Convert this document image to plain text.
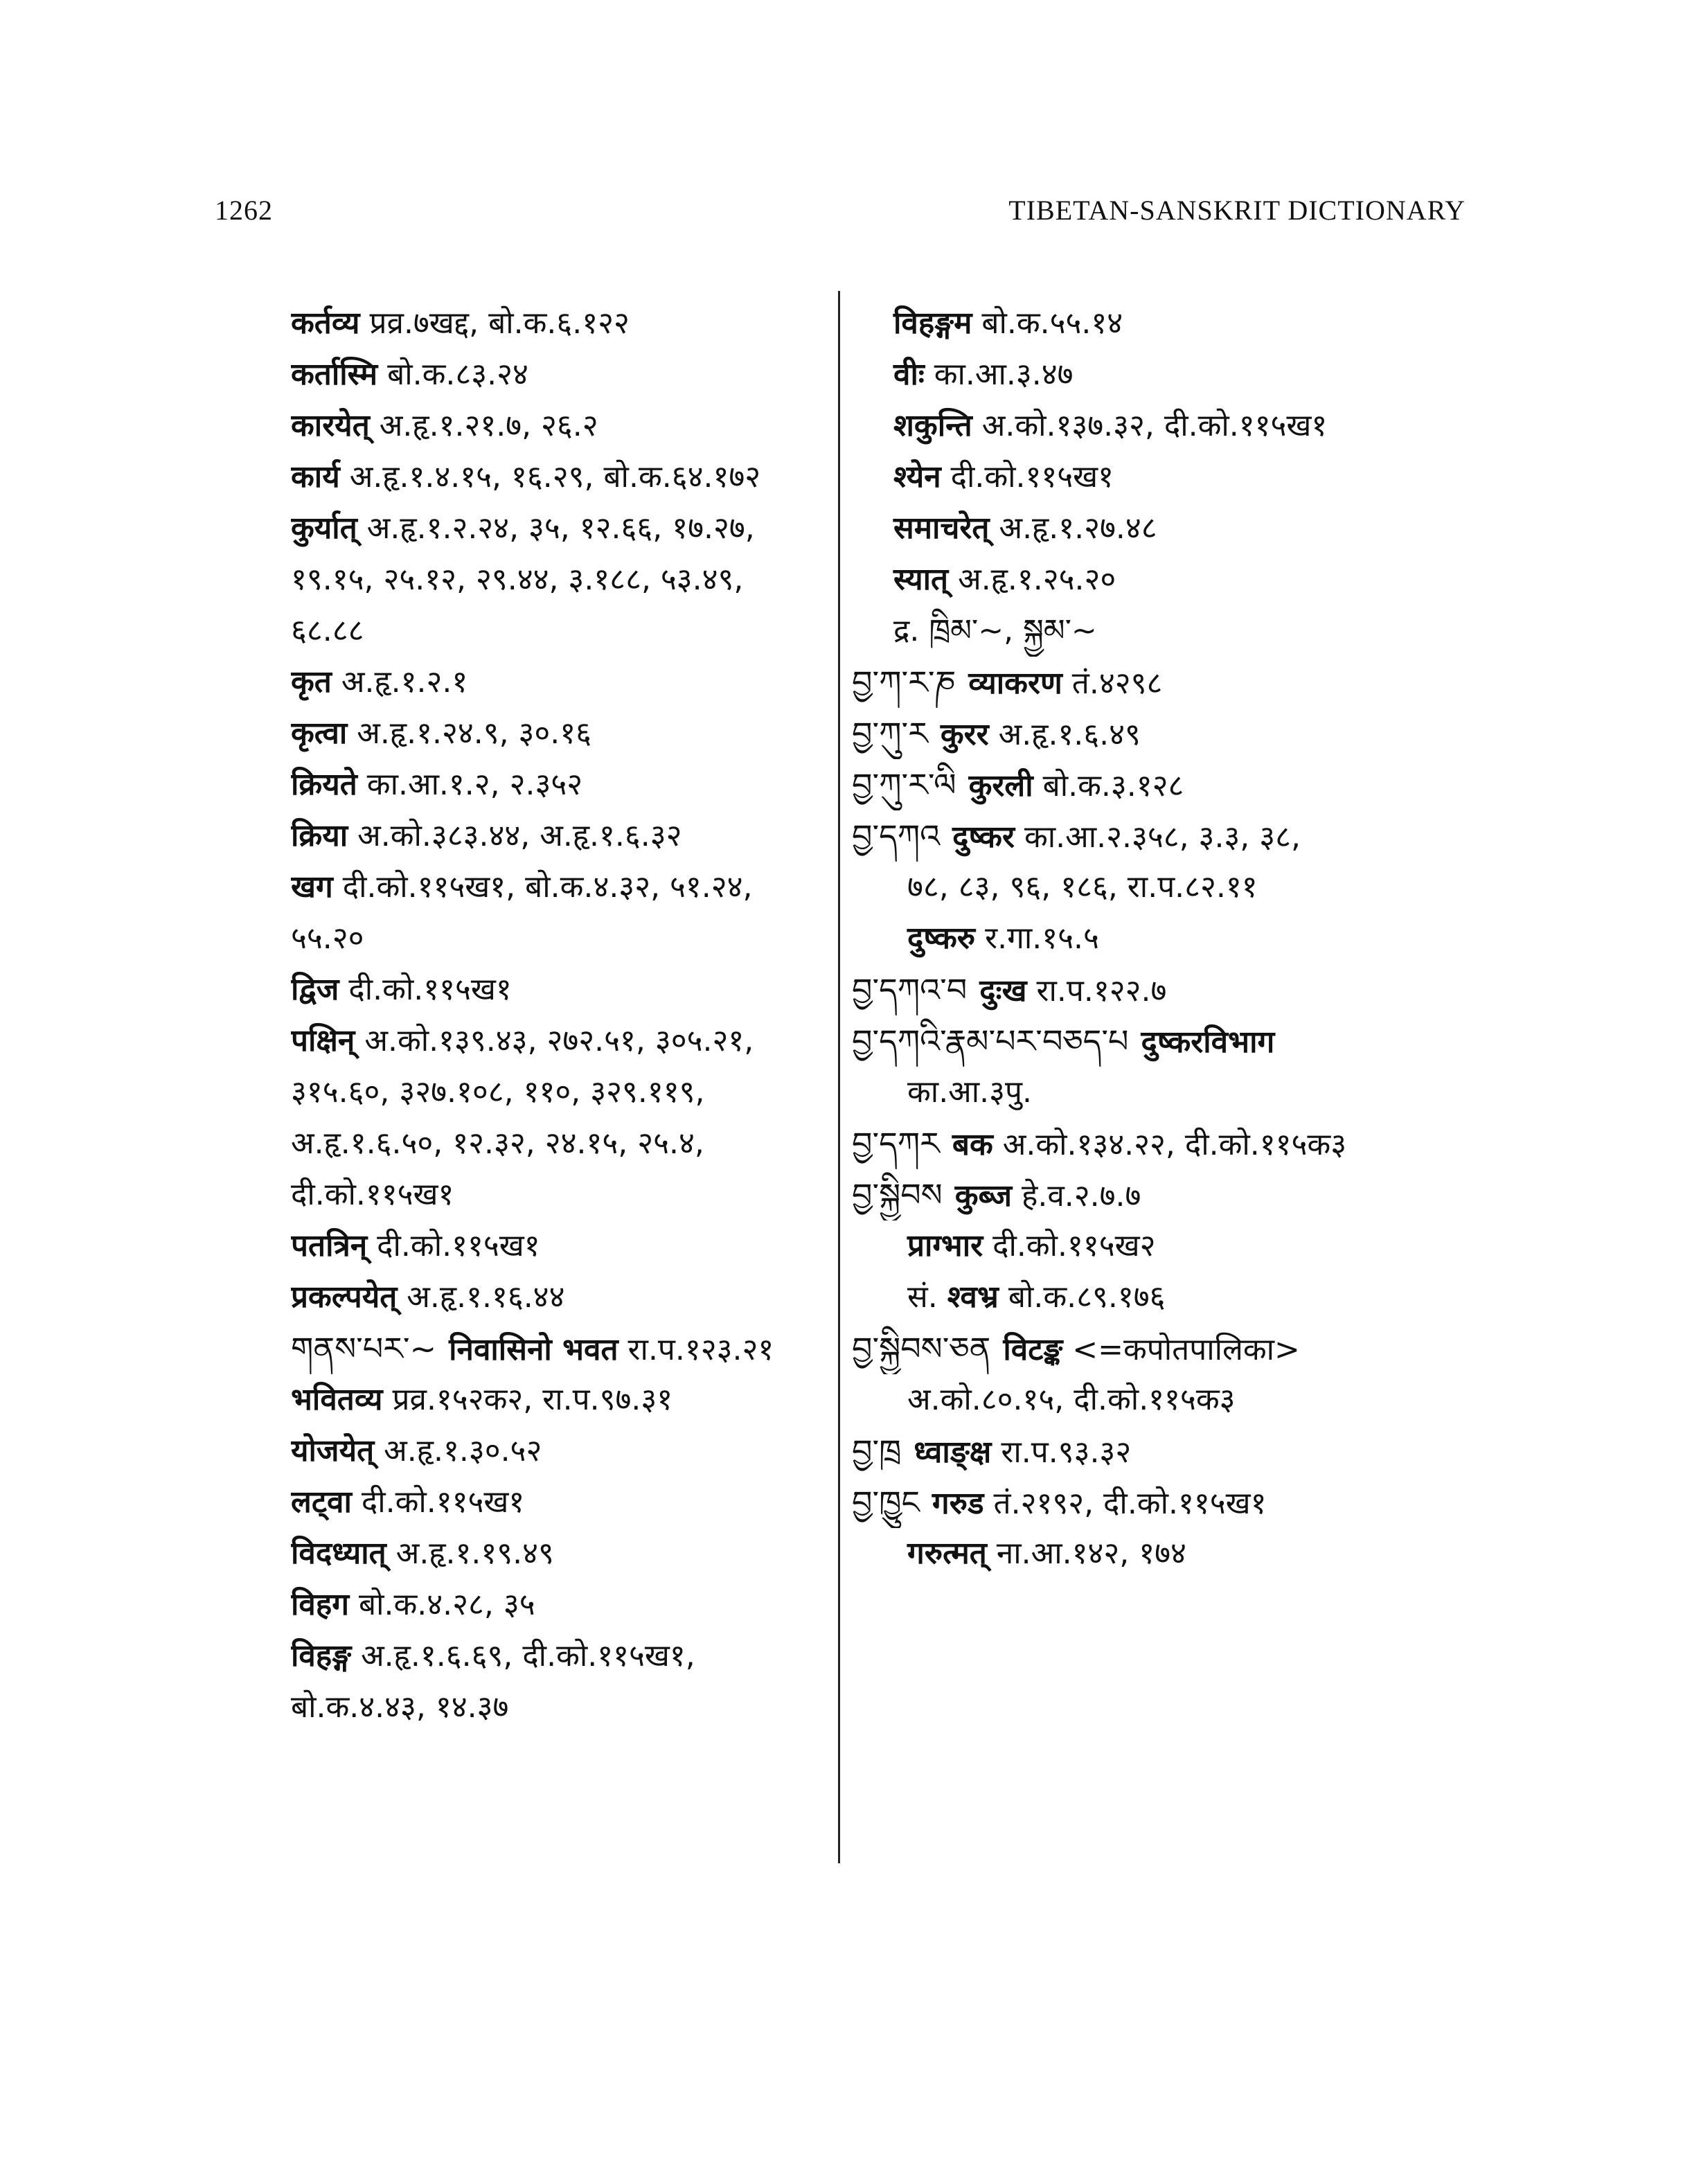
1262	TIBETAN-SANSKRIT DICTIONARY
कर्तव्य प्रव्र.७खद्द, बो.क.६.१२२
कर्तास्मि बो.क.८३.२४
कारयेत् अ.हृ.१.२१.७, २६.२
कार्य अ.हृ.१.४.१५, १६.२९, बो.क.६४.१७२
कुर्यात् अ.हृ.१.२.२४, ३५, १२.६६, १७.२७,
१९.१५, २५.१२, २९.४४, ३.१८८, ५३.४९,
६८.८८
कृत अ.हृ.१.२.१
कृत्वा अ.हृ.१.२४.९, ३०.१६
क्रियते का.आ.१.२, २.३५२
क्रिया अ.को.३८३.४४, अ.हृ.१.६.३२
खग दी.को.११५ख१, बो.क.४.३२, ५१.२४,
५५.२०
द्विज दी.को.११५ख१
पक्षिन् अ.को.१३९.४३, २७२.५१, ३०५.२१,
३१५.६०, ३२७.१०८, ११०, ३२९.११९,
अ.हृ.१.६.५०, १२.३२, २४.१५, २५.४,
दी.को.११५ख१
पतत्रिन् दी.को.११५ख१
प्रकल्पयेत् अ.हृ.१.१६.४४
གནས་པར་~ निवासिनो भवत रा.प.१२३.२१
भवितव्य प्रव्र.१५२क२, रा.प.९७.३१
योजयेत् अ.हृ.१.३०.५२
लट्वा दी.को.११५ख१
विदध्यात् अ.हृ.१.१९.४९
विहग बो.क.४.२८, ३५
विहङ्ग अ.हृ.१.६.६९, दी.को.११५ख१,
बो.क.४.४३, १४.३७
विहङ्गम बो.क.५५.१४
वीः का.आ.३.४७
शकुन्ति अ.को.१३७.३२, दी.को.११५ख१
श्येन दी.को.११५ख१
समाचरेत् अ.हृ.१.२७.४८
स्यात् अ.हृ.१.२५.२०
द्र. ཁྲིམ་~, སྐྱམ་~
བྱ་ཀ་ར་ཎ व्याकरण तं.४२९८
བྱ་ཀུ་ར कुरर अ.हृ.१.६.४९
བྱ་ཀུ་ར་ལི कुरली बो.क.३.१२८
བྱ་དཀའ दुष्कर का.आ.२.३५८, ३.३, ३८,
७८, ८३, ९६, १८६, रा.प.८२.११
दुष्करु र.गा.१५.५
བྱ་དཀའ་བ दुःख रा.प.१२२.७
བྱ་དཀའི་རྣམ་པར་བཅད་པ दुष्करविभाग
का.आ.३पु.
བྱ་དཀར बक अ.को.१३४.२२, दी.को.११५क३
བྱ་སྐྱིབས कुब्ज हे.व.२.७.७
प्राग्भार दी.को.११५ख२
सं. श्वभ्र बो.क.८९.१७६
བྱ་སྐྱིབས་ཅན विटङ्क <=कपोतपालिका>
अ.को.८०.१५, दी.को.११५क३
བྱ་ཁྲ ध्वाङ्क्ष रा.प.९३.३२
བྱ་ཁྱུང गरुड तं.२१९२, दी.को.११५ख१
गरुत्मत् ना.आ.१४२, १७४
